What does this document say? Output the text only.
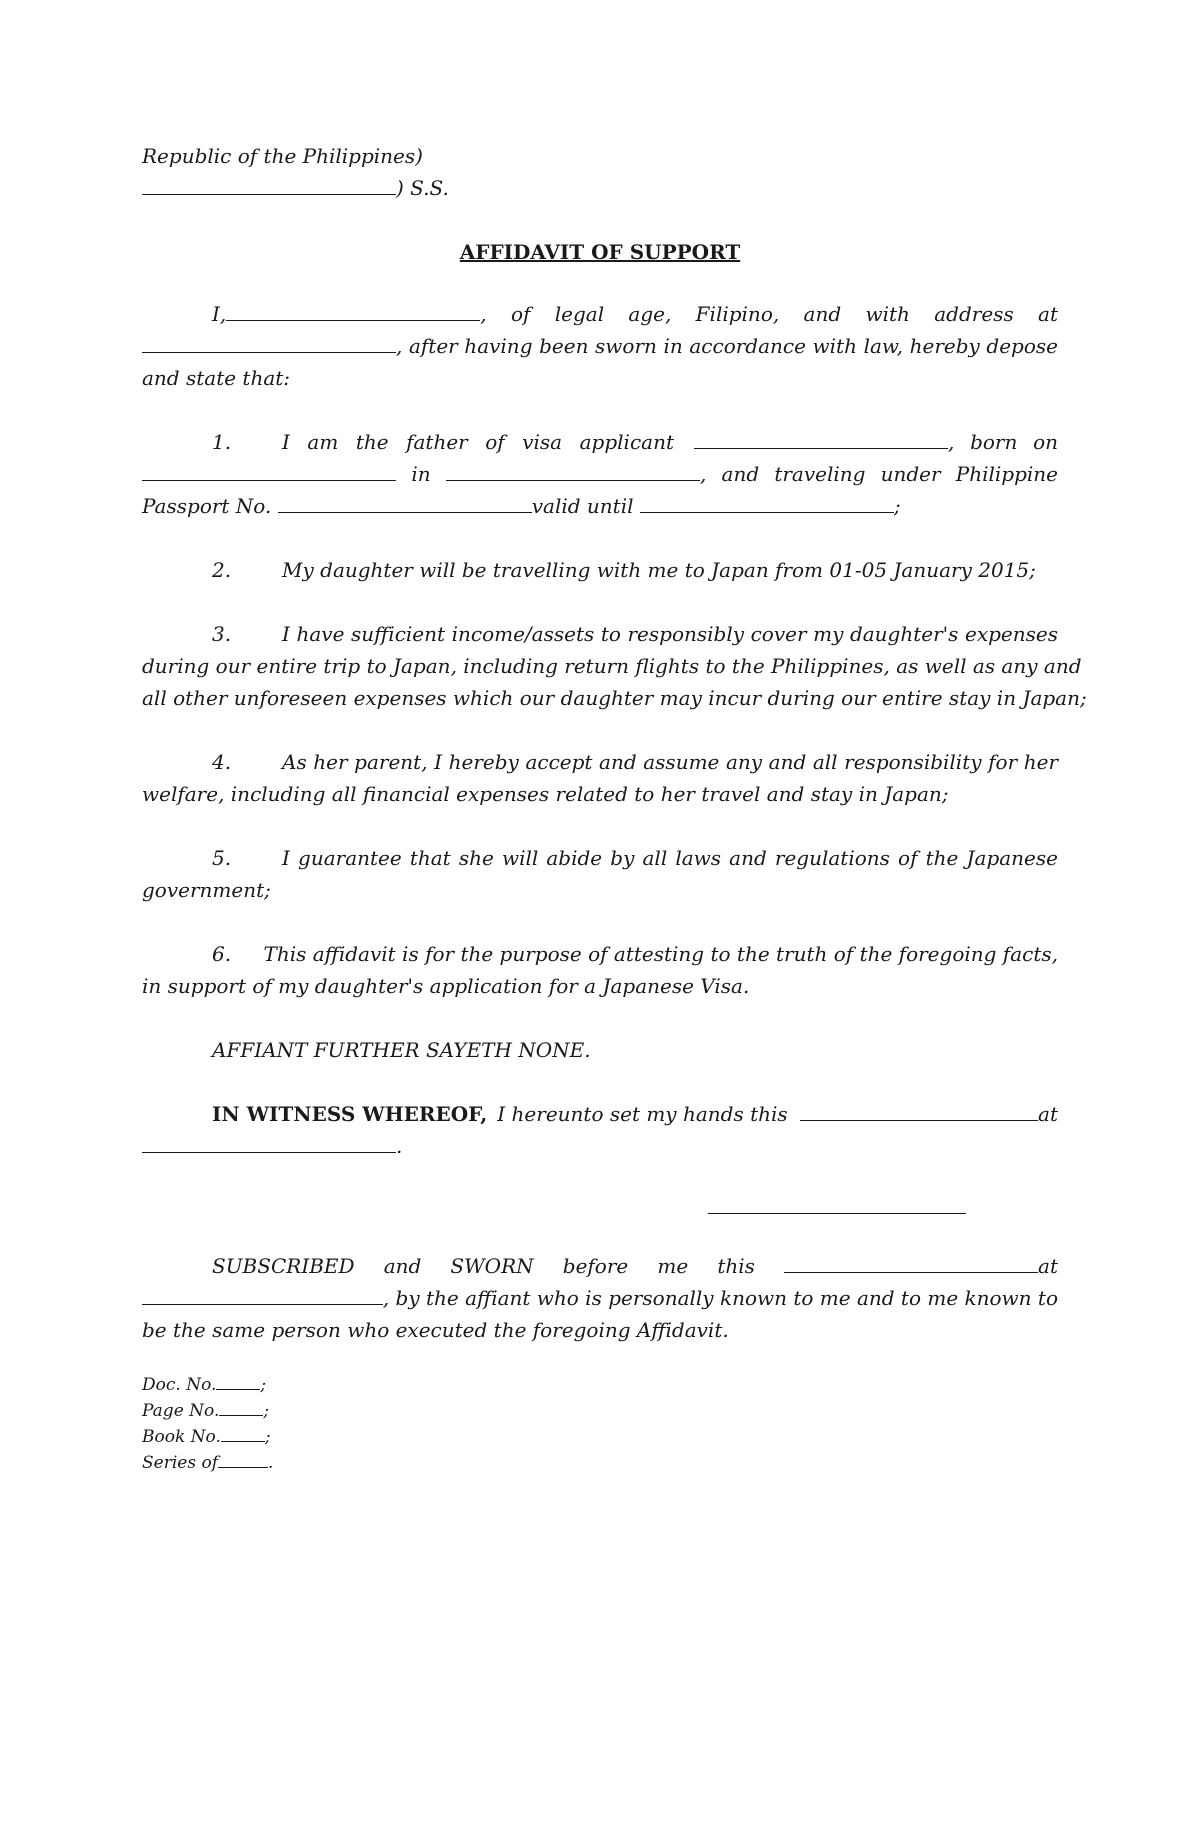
Republic of the Philippines)
) S.S.
AFFIDAVIT OF SUPPORT
I,	, of legal age, Filipino, and with address at
, after having been sworn in accordance with law, hereby depose
and state that:
1.	I am the father of visa applicant	, born on
in	, and traveling under Philippine
Passport No.	valid until	;
2.	My daughter will be travelling with me to Japan from 01-05 January 2015;
3.	I have sufficient income/assets to responsibly cover my daughter's expenses
during our entire trip to Japan, including return flights to the Philippines, as well as any and
all other unforeseen expenses which our daughter may incur during our entire stay in Japan;
4.	As her parent, I hereby accept and assume any and all responsibility for her
welfare, including all financial expenses related to her travel and stay in Japan;
5.	I guarantee that she will abide by all laws and regulations of the Japanese
government;
6.	This affidavit is for the purpose of attesting to the truth of the foregoing facts,
in support of my daughter's application for a Japanese Visa.
AFFIANT FURTHER SAYETH NONE.
IN WITNESS WHEREOF, I hereunto set my hands this	at
.
SUBSCRIBED and SWORN before me this	at
, by the affiant who is personally known to me and to me known to
be the same person who executed the foregoing Affidavit.
Doc. No.	;
Page No.	;
Book No.	;
Series of	.
